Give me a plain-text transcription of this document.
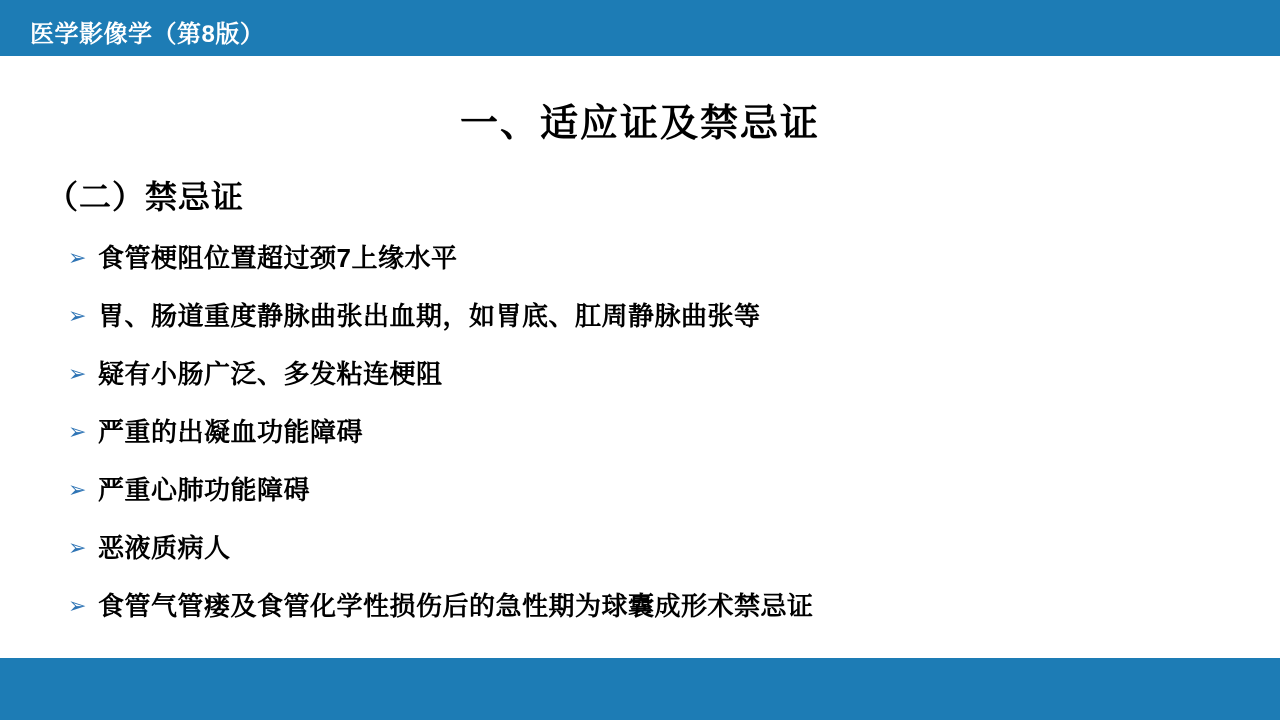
医学影像学（第8版）
一、适应证及禁忌证
（二）禁忌证
➢ 食管梗阻位置超过颈7上缘水平
➢ 胃、肠道重度静脉曲张出血期，如胃底、肛周静脉曲张等
➢ 疑有小肠广泛、多发粘连梗阻
➢ 严重的出凝血功能障碍
➢ 严重心肺功能障碍
➢ 恶液质病人
➢ 食管气管瘘及食管化学性损伤后的急性期为球囊成形术禁忌证
